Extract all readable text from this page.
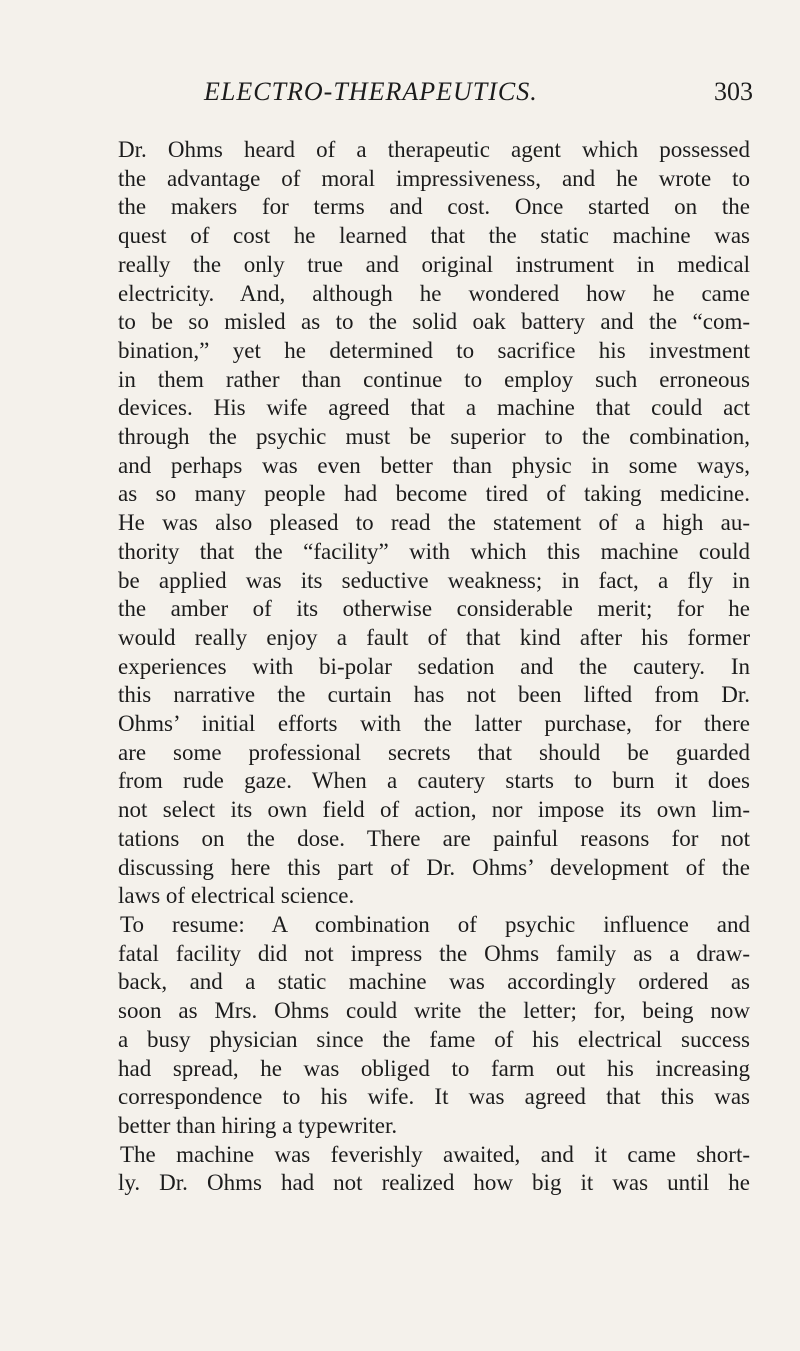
ELECTRO-THERAPEUTICS.	303
Dr. Ohms heard of a therapeutic agent which possessed
the advantage of moral impressiveness, and he wrote to
the makers for terms and cost. Once started on the
quest of cost he learned that the static machine was
really the only true and original instrument in medical
electricity. And, although he wondered how he came
to be so misled as to the solid oak battery and the “com-
bination,” yet he determined to sacrifice his investment
in them rather than continue to employ such erroneous
devices. His wife agreed that a machine that could act
through the psychic must be superior to the combination,
and perhaps was even better than physic in some ways,
as so many people had become tired of taking medicine.
He was also pleased to read the statement of a high au-
thority that the “facility” with which this machine could
be applied was its seductive weakness; in fact, a fly in
the amber of its otherwise considerable merit; for he
would really enjoy a fault of that kind after his former
experiences with bi-polar sedation and the cautery. In
this narrative the curtain has not been lifted from Dr.
Ohms’ initial efforts with the latter purchase, for there
are some professional secrets that should be guarded
from rude gaze. When a cautery starts to burn it does
not select its own field of action, nor impose its own lim-
tations on the dose. There are painful reasons for not
discussing here this part of Dr. Ohms’ development of the
laws of electrical science.
To resume: A combination of psychic influence and
fatal facility did not impress the Ohms family as a draw-
back, and a static machine was accordingly ordered as
soon as Mrs. Ohms could write the letter; for, being now
a busy physician since the fame of his electrical success
had spread, he was obliged to farm out his increasing
correspondence to his wife. It was agreed that this was
better than hiring a typewriter.
The machine was feverishly awaited, and it came short-
ly. Dr. Ohms had not realized how big it was until he
